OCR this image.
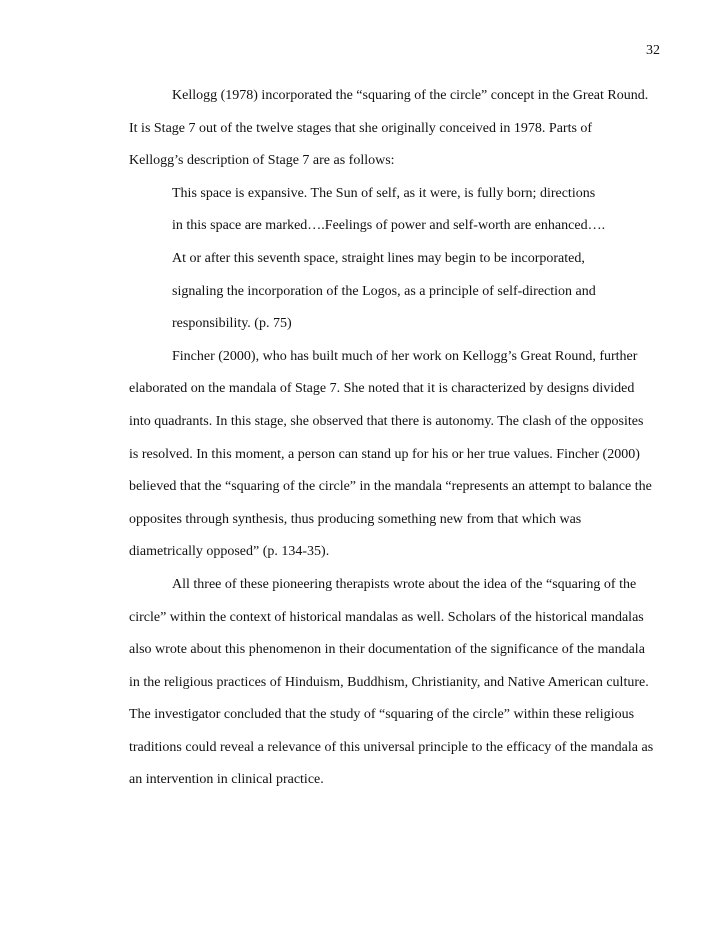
32
Kellogg (1978) incorporated the “squaring of the circle” concept in the Great Round.
It is Stage 7 out of the twelve stages that she originally conceived in 1978. Parts of
Kellogg’s description of Stage 7 are as follows:
This space is expansive. The Sun of self, as it were, is fully born; directions
in this space are marked….Feelings of power and self-worth are enhanced….
At or after this seventh space, straight lines may begin to be incorporated,
signaling the incorporation of the Logos, as a principle of self-direction and
responsibility. (p. 75)
Fincher (2000), who has built much of her work on Kellogg’s Great Round, further
elaborated on the mandala of Stage 7. She noted that it is characterized by designs divided
into quadrants. In this stage, she observed that there is autonomy. The clash of the opposites
is resolved. In this moment, a person can stand up for his or her true values. Fincher (2000)
believed that the “squaring of the circle” in the mandala “represents an attempt to balance the
opposites through synthesis, thus producing something new from that which was
diametrically opposed” (p. 134-35).
All three of these pioneering therapists wrote about the idea of the “squaring of the
circle” within the context of historical mandalas as well. Scholars of the historical mandalas
also wrote about this phenomenon in their documentation of the significance of the mandala
in the religious practices of Hinduism, Buddhism, Christianity, and Native American culture.
The investigator concluded that the study of “squaring of the circle” within these religious
traditions could reveal a relevance of this universal principle to the efficacy of the mandala as
an intervention in clinical practice.
